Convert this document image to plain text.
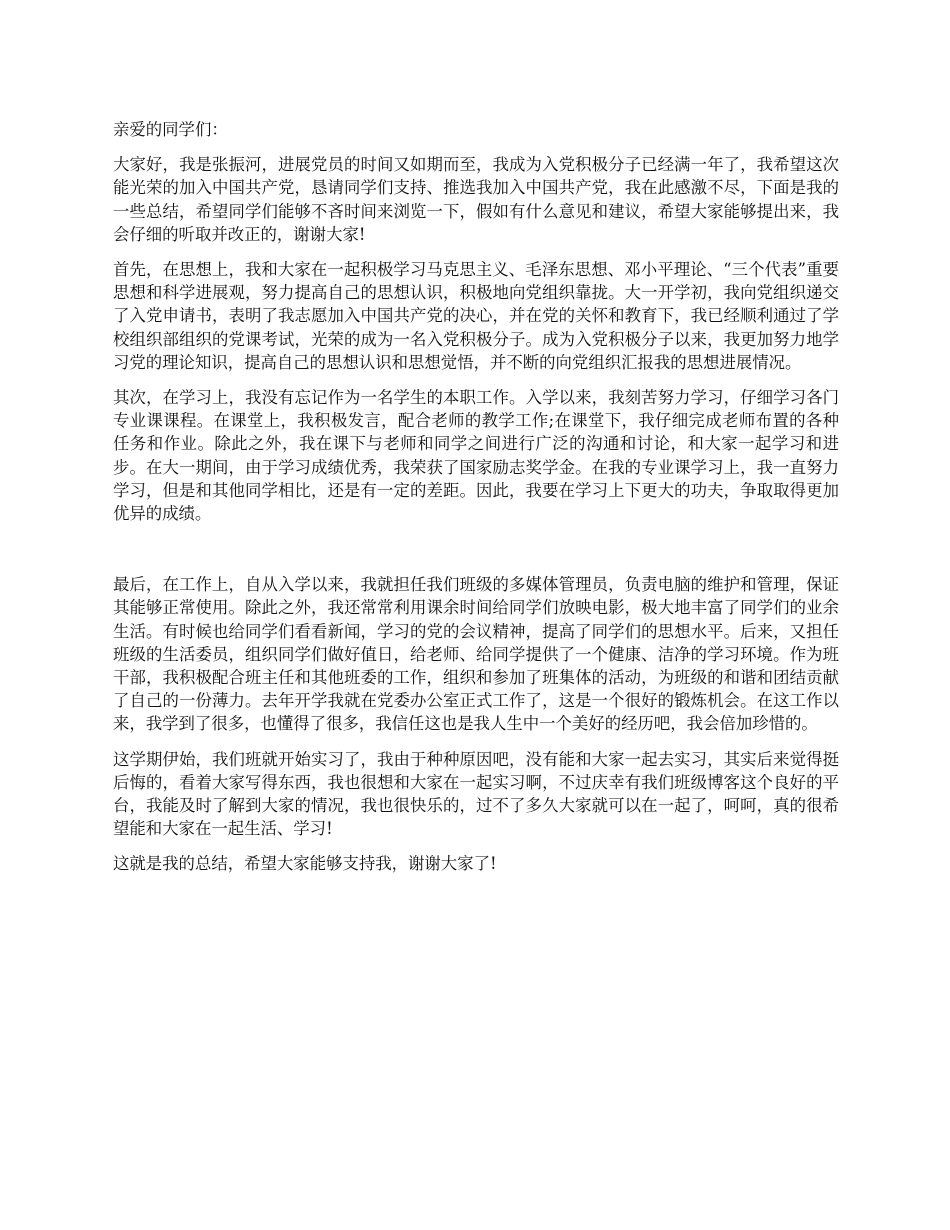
亲爱的同学们：

大家好，我是张振河，进展党员的时间又如期而至，我成为入党积极分子已经满一年了，我希望这次能光荣的加入中国共产党，恳请同学们支持、推选我加入中国共产党，我在此感激不尽，下面是我的一些总结，希望同学们能够不吝时间来浏览一下，假如有什么意见和建议，希望大家能够提出来，我会仔细的听取并改正的，谢谢大家!

首先，在思想上，我和大家在一起积极学习马克思主义、毛泽东思想、邓小平理论、“三个代表”重要思想和科学进展观，努力提高自己的思想认识，积极地向党组织靠拢。大一开学初，我向党组织递交了入党申请书，表明了我志愿加入中国共产党的决心，并在党的关怀和教育下，我已经顺利通过了学校组织部组织的党课考试，光荣的成为一名入党积极分子。成为入党积极分子以来，我更加努力地学习党的理论知识，提高自己的思想认识和思想觉悟，并不断的向党组织汇报我的思想进展情况。

其次，在学习上，我没有忘记作为一名学生的本职工作。入学以来，我刻苦努力学习，仔细学习各门专业课课程。在课堂上，我积极发言，配合老师的教学工作;在课堂下，我仔细完成老师布置的各种任务和作业。除此之外，我在课下与老师和同学之间进行广泛的沟通和讨论，和大家一起学习和进步。在大一期间，由于学习成绩优秀，我荣获了国家励志奖学金。在我的专业课学习上，我一直努力学习，但是和其他同学相比，还是有一定的差距。因此，我要在学习上下更大的功夫，争取取得更加优异的成绩。

最后，在工作上，自从入学以来，我就担任我们班级的多媒体管理员，负责电脑的维护和管理，保证其能够正常使用。除此之外，我还常常利用课余时间给同学们放映电影，极大地丰富了同学们的业余生活。有时候也给同学们看看新闻，学习的党的会议精神，提高了同学们的思想水平。后来，又担任班级的生活委员，组织同学们做好值日，给老师、给同学提供了一个健康、洁净的学习环境。作为班干部，我积极配合班主任和其他班委的工作，组织和参加了班集体的活动，为班级的和谐和团结贡献了自己的一份薄力。去年开学我就在党委办公室正式工作了，这是一个很好的锻炼机会。在这工作以来，我学到了很多，也懂得了很多，我信任这也是我人生中一个美好的经历吧，我会倍加珍惜的。

这学期伊始，我们班就开始实习了，我由于种种原因吧，没有能和大家一起去实习，其实后来觉得挺后悔的，看着大家写得东西，我也很想和大家在一起实习啊，不过庆幸有我们班级博客这个良好的平台，我能及时了解到大家的情况，我也很快乐的，过不了多久大家就可以在一起了，呵呵，真的很希望能和大家在一起生活、学习!

这就是我的总结，希望大家能够支持我，谢谢大家了!
